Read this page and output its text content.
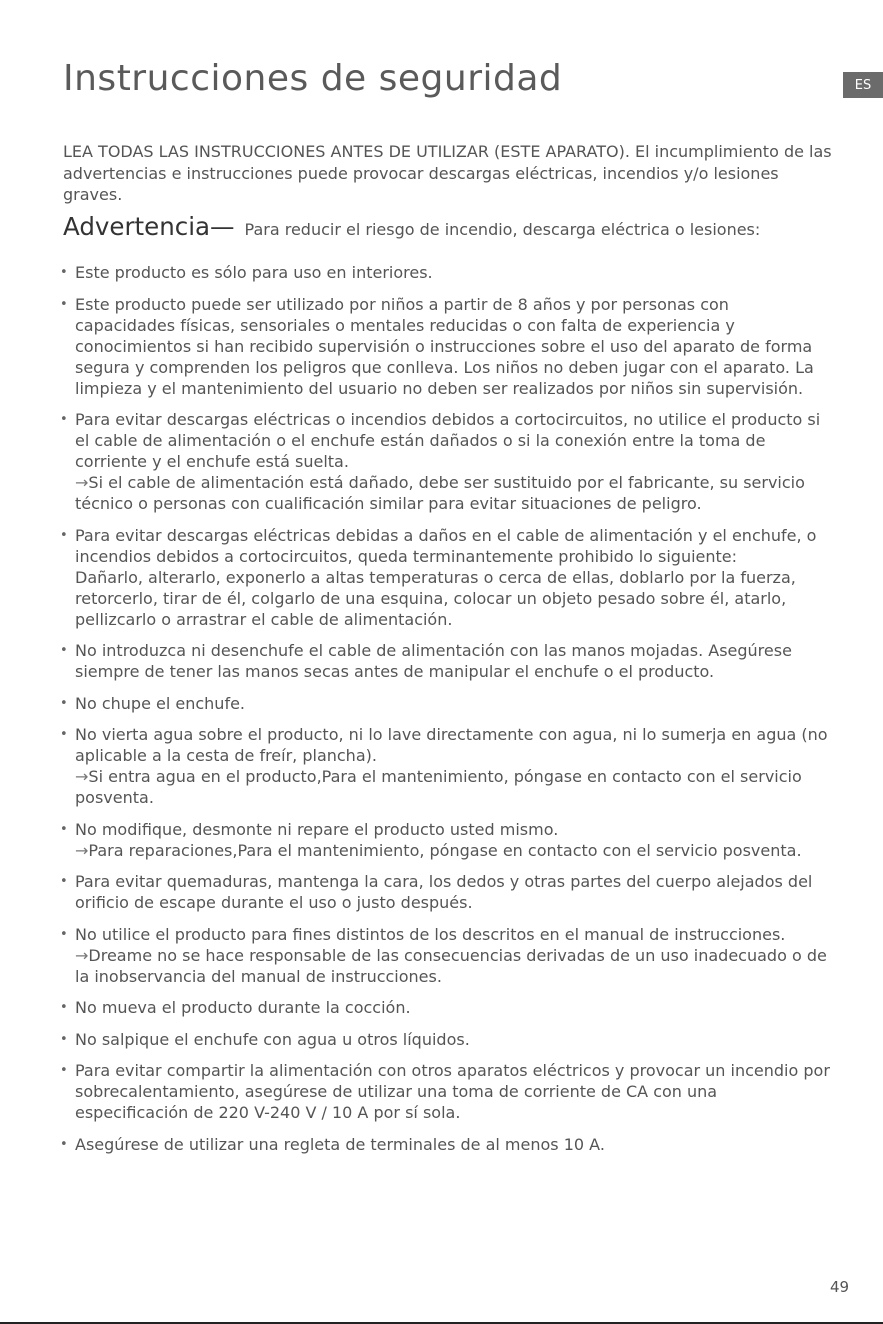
Instrucciones de seguridad	ES

LEA TODAS LAS INSTRUCCIONES ANTES DE UTILIZAR (ESTE APARATO). El incumplimiento de las advertencias e instrucciones puede provocar descargas eléctricas, incendios y/o lesiones graves.

Advertencia— Para reducir el riesgo de incendio, descarga eléctrica o lesiones:
• Este producto es sólo para uso en interiores.
• Este producto puede ser utilizado por niños a partir de 8 años y por personas con capacidades físicas, sensoriales o mentales reducidas o con falta de experiencia y conocimientos si han recibido supervisión o instrucciones sobre el uso del aparato de forma segura y comprenden los peligros que conlleva. Los niños no deben jugar con el aparato. La limpieza y el mantenimiento del usuario no deben ser realizados por niños sin supervisión.
• Para evitar descargas eléctricas o incendios debidos a cortocircuitos, no utilice el producto si el cable de alimentación o el enchufe están dañados o si la conexión entre la toma de corriente y el enchufe está suelta.
→Si el cable de alimentación está dañado, debe ser sustituido por el fabricante, su servicio técnico o personas con cualificación similar para evitar situaciones de peligro.
• Para evitar descargas eléctricas debidas a daños en el cable de alimentación y el enchufe, o incendios debidos a cortocircuitos, queda terminantemente prohibido lo siguiente:
Dañarlo, alterarlo, exponerlo a altas temperaturas o cerca de ellas, doblarlo por la fuerza, retorcerlo, tirar de él, colgarlo de una esquina, colocar un objeto pesado sobre él, atarlo, pellizcarlo o arrastrar el cable de alimentación.
• No introduzca ni desenchufe el cable de alimentación con las manos mojadas. Asegúrese siempre de tener las manos secas antes de manipular el enchufe o el producto.
• No chupe el enchufe.
• No vierta agua sobre el producto, ni lo lave directamente con agua, ni lo sumerja en agua (no aplicable a la cesta de freír, plancha).
→Si entra agua en el producto,Para el mantenimiento, póngase en contacto con el servicio posventa.
• No modifique, desmonte ni repare el producto usted mismo.
→Para reparaciones,Para el mantenimiento, póngase en contacto con el servicio posventa.
• Para evitar quemaduras, mantenga la cara, los dedos y otras partes del cuerpo alejados del orificio de escape durante el uso o justo después.
• No utilice el producto para fines distintos de los descritos en el manual de instrucciones.
→Dreame no se hace responsable de las consecuencias derivadas de un uso inadecuado o de la inobservancia del manual de instrucciones.
• No mueva el producto durante la cocción.
• No salpique el enchufe con agua u otros líquidos.
• Para evitar compartir la alimentación con otros aparatos eléctricos y provocar un incendio por sobrecalentamiento, asegúrese de utilizar una toma de corriente de CA con una especificación de 220 V-240 V / 10 A por sí sola.
• Asegúrese de utilizar una regleta de terminales de al menos 10 A.
49
